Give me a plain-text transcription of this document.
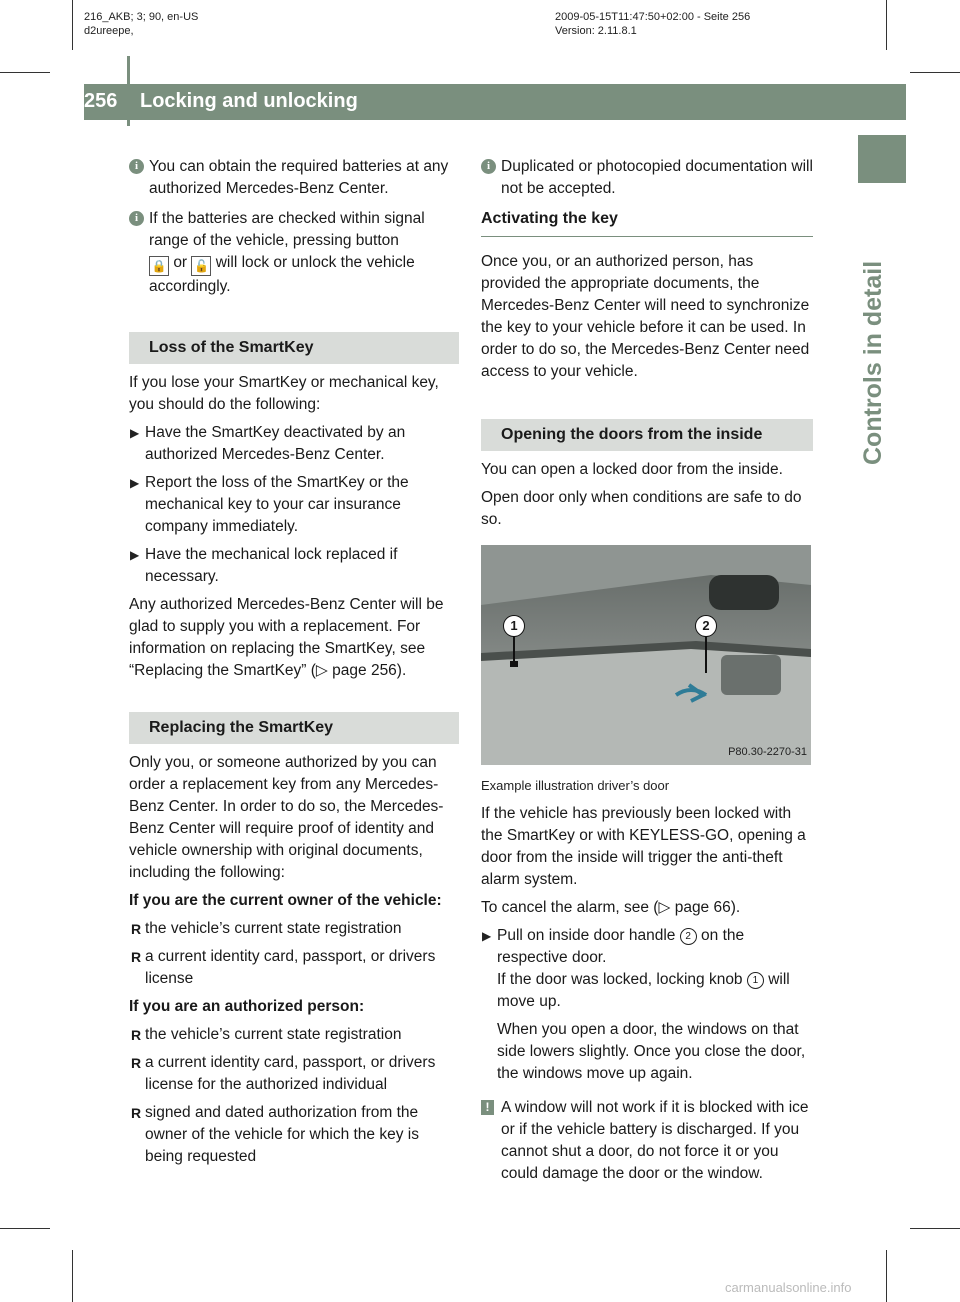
216_AKB; 3; 90, en-US
d2ureepe,
2009-05-15T11:47:50+02:00 - Seite 256
Version: 2.11.8.1
256 Locking and unlocking
Controls in detail

i You can obtain the required batteries at any authorized Mercedes-Benz Center.

i If the batteries are checked within signal range of the vehicle, pressing button
🔒 or 🔓 will lock or unlock the vehicle accordingly.

Loss of the SmartKey

If you lose your SmartKey or mechanical key, you should do the following:

▶ Have the SmartKey deactivated by an authorized Mercedes-Benz Center.

▶ Report the loss of the SmartKey or the mechanical key to your car insurance company immediately.

▶ Have the mechanical lock replaced if necessary.

Any authorized Mercedes-Benz Center will be glad to supply you with a replacement. For information on replacing the SmartKey, see “Replacing the SmartKey” (▷ page 256).

Replacing the SmartKey

Only you, or someone authorized by you can order a replacement key from any Mercedes-Benz Center. In order to do so, the Mercedes-Benz Center will require proof of identity and vehicle ownership with original documents, including the following:

If you are the current owner of the vehicle:

R the vehicle’s current state registration

R a current identity card, passport, or drivers license

If you are an authorized person:

R the vehicle’s current state registration

R a current identity card, passport, or drivers license for the authorized individual

R signed and dated authorization from the owner of the vehicle for which the key is being requested

i Duplicated or photocopied documentation will not be accepted.

Activating the key

Once you, or an authorized person, has provided the appropriate documents, the Mercedes-Benz Center will need to synchronize the key to your vehicle before it can be used. In order to do so, the Mercedes-Benz Center need access to your vehicle.

Opening the doors from the inside

You can open a locked door from the inside.

Open door only when conditions are safe to do so.

1	2
P80.30-2270-31

Example illustration driver’s door

If the vehicle has previously been locked with the SmartKey or with KEYLESS-GO, opening a door from the inside will trigger the anti-theft alarm system.

To cancel the alarm, see (▷ page 66).

▶ Pull on inside door handle 2 on the respective door.
If the door was locked, locking knob 1 will move up.

When you open a door, the windows on that side lowers slightly. Once you close the door, the windows move up again.

! A window will not work if it is blocked with ice or if the vehicle battery is discharged. If you cannot shut a door, do not force it or you could damage the door or the window.

carmanualsonline.info
